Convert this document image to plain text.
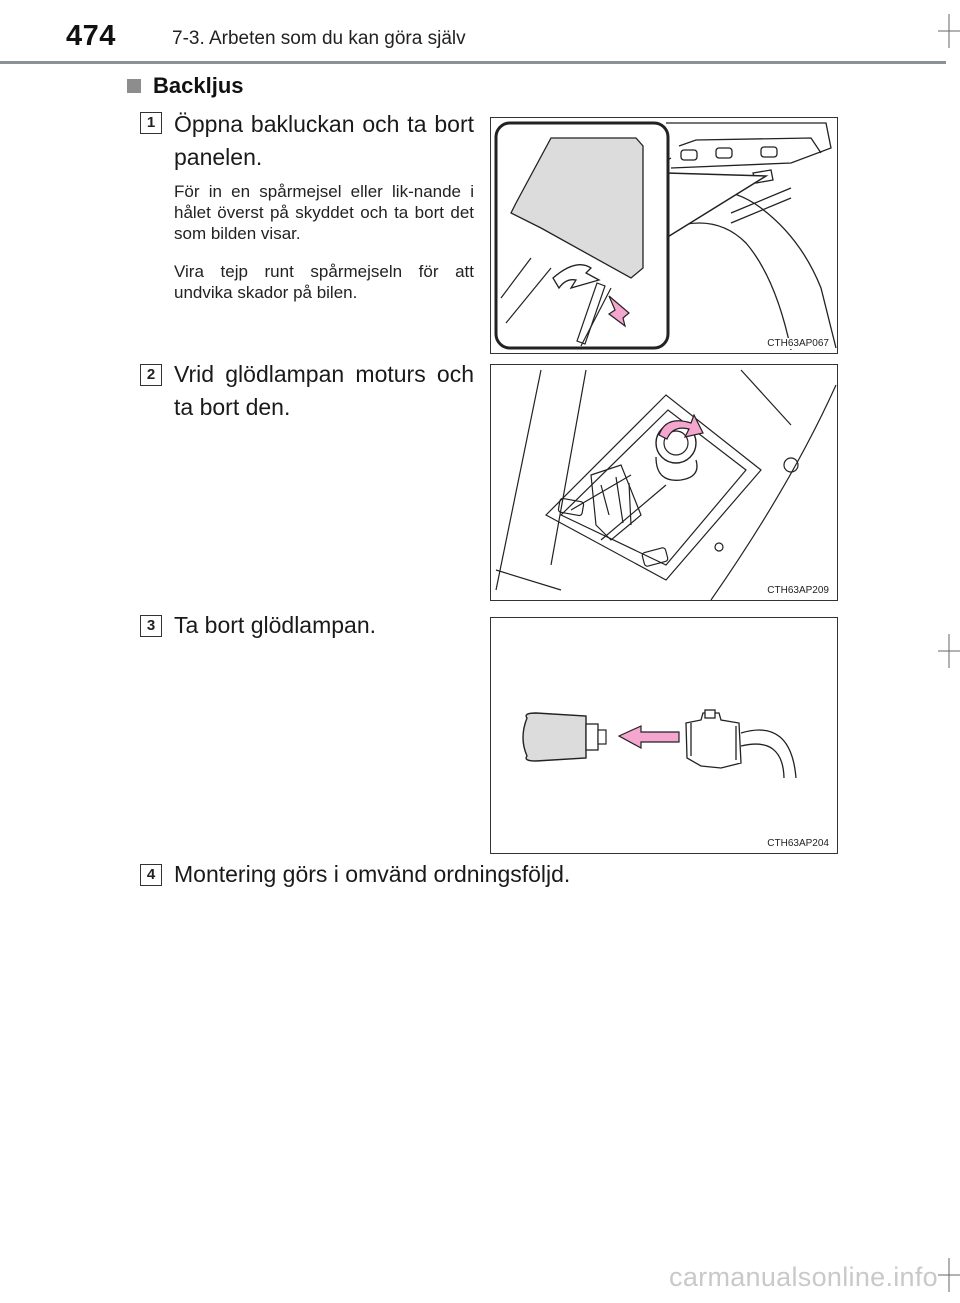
474	7-3. Arbeten som du kan göra själv
Backljus
1 Öppna bakluckan och ta bort panelen.
För in en spårmejsel eller lik-nande i hålet överst på skyddet och ta bort det som bilden visar.
Vira tejp runt spårmejseln för att undvika skador på bilen.
CTH63AP067
2 Vrid glödlampan moturs och ta bort den.
CTH63AP209
3 Ta bort glödlampan.
CTH63AP204
4 Montering görs i omvänd ordningsföljd.
carmanualsonline.info
